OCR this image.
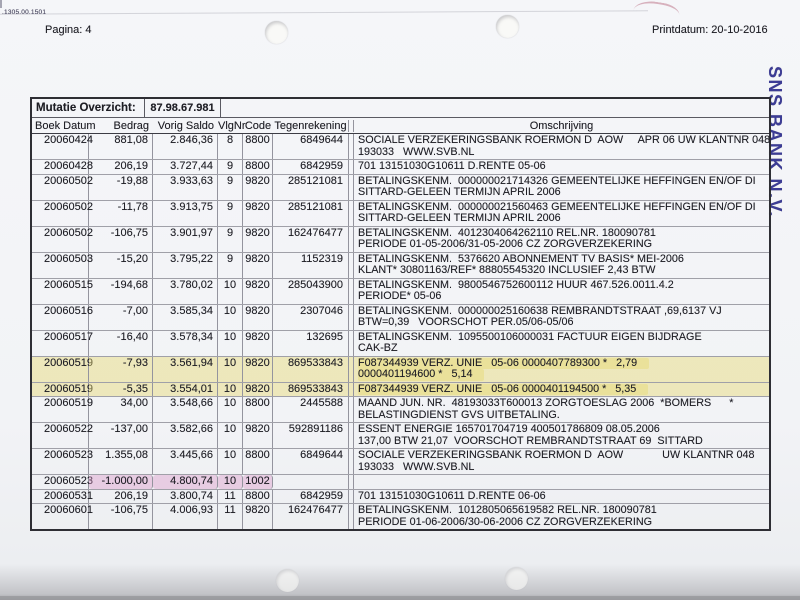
.1305.00.1501
Pagina: 4	Printdatum: 20-10-2016
SNS BANK N.V.
Mutatie Overzicht:	87.98.67.981
Boek Datum	Bedrag Vorig Saldo VlgNr Code Tegenrekening	Omschrijving
20060424	881,08	2.846,36	8	8800	6849644	SOCIALE VERZEKERINGSBANK ROERMON D  AOW     APR 06 UW KLANTNR 048
193033   WWW.SVB.NL
20060428	206,19	3.727,44	9	8800	6842959	701 13151030G10611 D.RENTE 05-06
20060502	-19,88	3.933,63	9	9820	285121081	BETALINGSKENM.  000000021714326 GEMEENTELIJKE HEFFINGEN EN/OF DI
SITTARD-GELEEN TERMIJN APRIL 2006
20060502	-11,78	3.913,75	9	9820	285121081	BETALINGSKENM.  000000021560463 GEMEENTELIJKE HEFFINGEN EN/OF DI
SITTARD-GELEEN TERMIJN APRIL 2006
20060502	-106,75	3.901,97	9	9820	162476477	BETALINGSKENM.  4012304064262110 REL.NR. 180090781
PERIODE 01-05-2006/31-05-2006 CZ ZORGVERZEKERING
20060503	-15,20	3.795,22	9	9820	1152319	BETALINGSKENM.  5376620 ABONNEMENT TV BASIS* MEI-2006
KLANT* 30801163/REF* 88805545320 INCLUSIEF 2,43 BTW
20060515	-194,68	3.780,02 10 9820	285043900	BETALINGSKENM.  9800546752600112 HUUR 467.526.0011.4.2
PERIODE* 05-06
20060516	-7,00	3.585,34 10 9820	2307046	BETALINGSKENM.  000000025160638 REMBRANDTSTRAAT ,69,6137 VJ
BTW=0,39   VOORSCHOT PER.05/06-05/06
20060517	-16,40	3.578,34 10 9820	132695	BETALINGSKENM.  1095500106000031 FACTUUR EIGEN BIJDRAGE
CAK-BZ
20060519	-7,93	3.561,94 10 9820	869533843	F087344939 VERZ. UNIE   05-06 0000407789300 *   2,79
0000401194600 *   5,14
20060519	-5,35	3.554,01 10 9820	869533843	F087344939 VERZ. UNIE   05-06 0000401194500 *   5,35
20060519	34,00	3.548,66 10 8800	2445588	MAAND JUN. NR.  48193033T600013 ZORGTOESLAG 2006  *BOMERS      *
BELASTINGDIENST GVS UITBETALING.
20060522	-137,00	3.582,66 10 9820	592891186	ESSENT ENERGIE 165701704719 400501786809 08.05.2006
137,00 BTW 21,07  VOORSCHOT REMBRANDTSTRAAT 69  SITTARD
20060523	1.355,08	3.445,66 10 8800	6849644	SOCIALE VERZEKERINGSBANK ROERMON D  AOW             UW KLANTNR 048
193033   WWW.SVB.NL
20060523 -1.000,00	4.800,74 10 1002
20060531	206,19	3.800,74	11 8800	6842959	701 13151030G10611 D.RENTE 06-06
20060601	-106,75	4.006,93	11 9820	162476477	BETALINGSKENM.  1012805065619582 REL.NR. 180090781
PERIODE 01-06-2006/30-06-2006 CZ ZORGVERZEKERING
